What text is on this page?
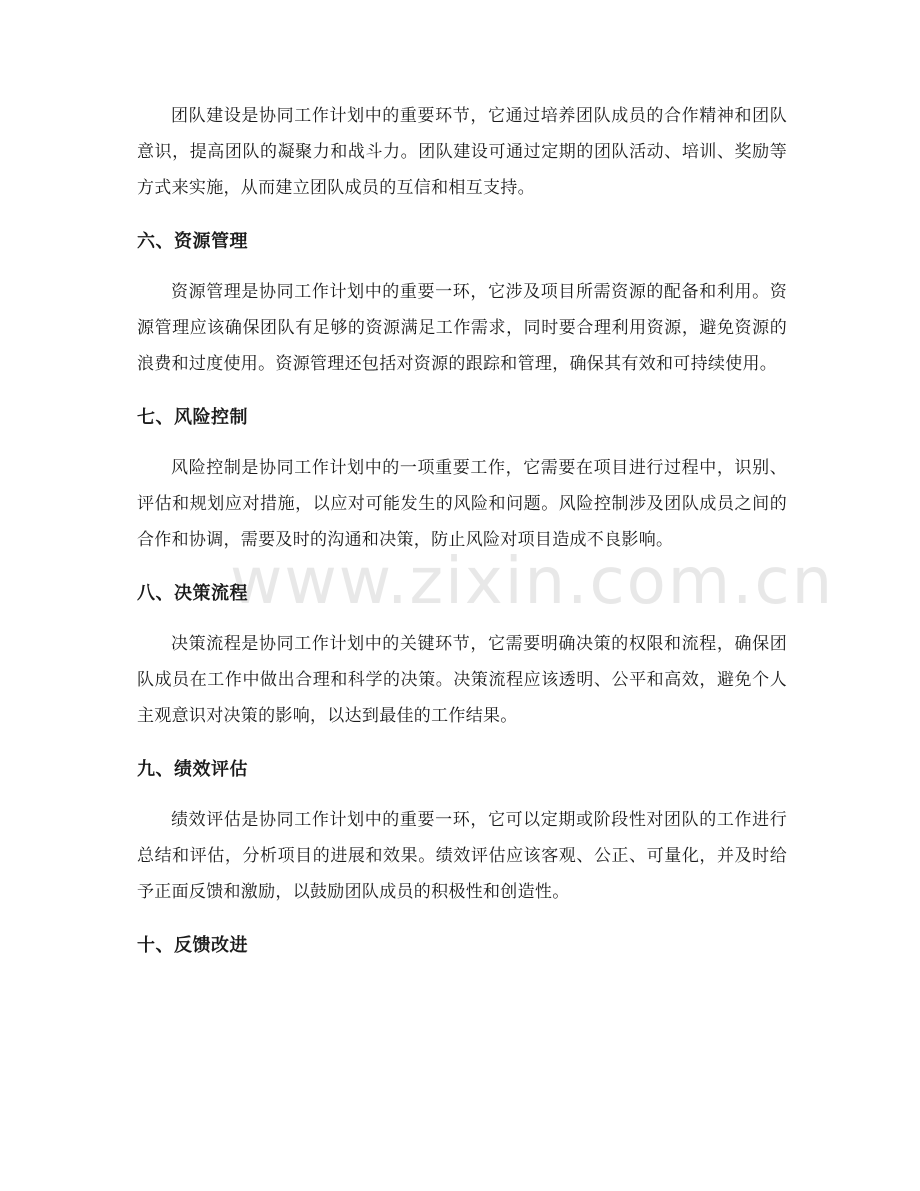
www.zixin.com.cn

团队建设是协同工作计划中的重要环节，它通过培养团队成员的合作精神和团队意识，提高团队的凝聚力和战斗力。团队建设可通过定期的团队活动、培训、奖励等方式来实施，从而建立团队成员的互信和相互支持。

六、资源管理

资源管理是协同工作计划中的重要一环，它涉及项目所需资源的配备和利用。资源管理应该确保团队有足够的资源满足工作需求，同时要合理利用资源，避免资源的浪费和过度使用。资源管理还包括对资源的跟踪和管理，确保其有效和可持续使用。

七、风险控制

风险控制是协同工作计划中的一项重要工作，它需要在项目进行过程中，识别、评估和规划应对措施，以应对可能发生的风险和问题。风险控制涉及团队成员之间的合作和协调，需要及时的沟通和决策，防止风险对项目造成不良影响。

八、决策流程

决策流程是协同工作计划中的关键环节，它需要明确决策的权限和流程，确保团队成员在工作中做出合理和科学的决策。决策流程应该透明、公平和高效，避免个人主观意识对决策的影响，以达到最佳的工作结果。

九、绩效评估

绩效评估是协同工作计划中的重要一环，它可以定期或阶段性对团队的工作进行总结和评估，分析项目的进展和效果。绩效评估应该客观、公正、可量化，并及时给予正面反馈和激励，以鼓励团队成员的积极性和创造性。

十、反馈改进
